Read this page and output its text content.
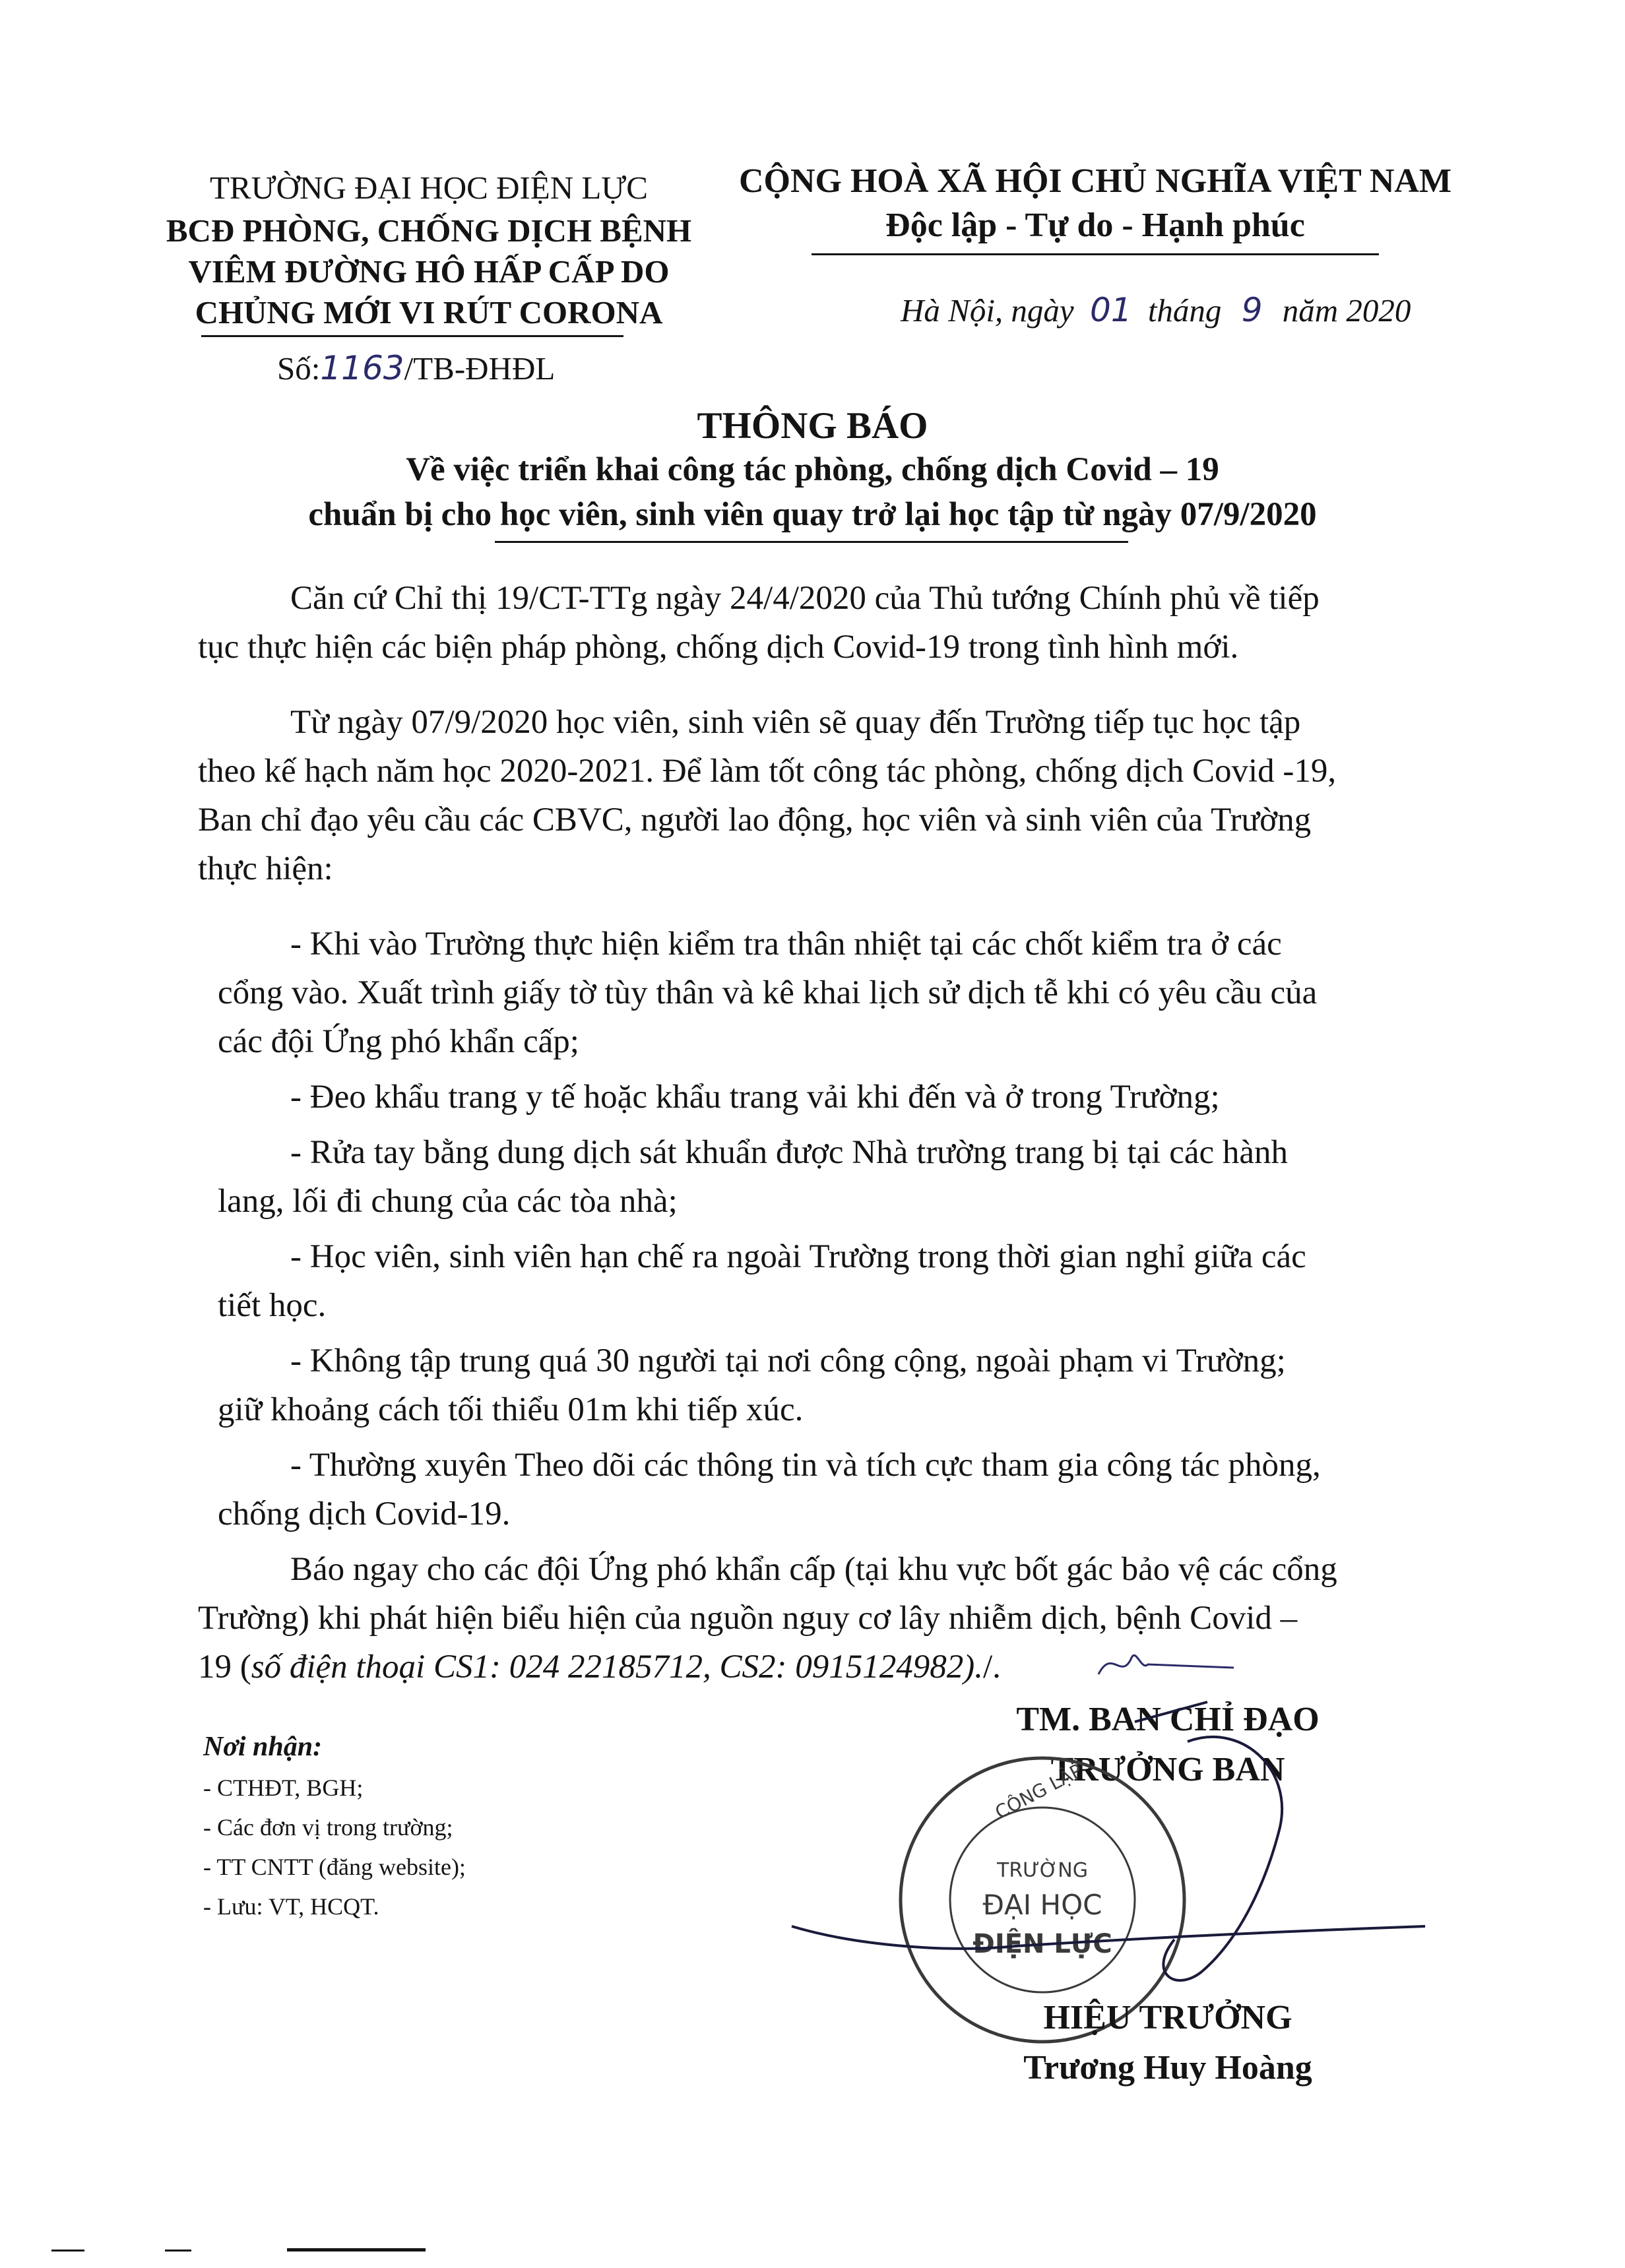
TRƯỜNG ĐẠI HỌC ĐIỆN LỰC
BCĐ PHÒNG, CHỐNG DỊCH BỆNH
VIÊM ĐƯỜNG HÔ HẤP CẤP DO
CHỦNG MỚI VI RÚT CORONA
Số:1163/TB-ĐHĐL
CỘNG HOÀ XÃ HỘI CHỦ NGHĨA VIỆT NAM
Độc lập - Tự do - Hạnh phúc
Hà Nội, ngày 01 tháng 9 năm 2020
THÔNG BÁO
Về việc triển khai công tác phòng, chống dịch Covid – 19
chuẩn bị cho học viên, sinh viên quay trở lại học tập từ ngày 07/9/2020
Căn cứ Chỉ thị 19/CT-TTg ngày 24/4/2020 của Thủ tướng Chính phủ về tiếp
tục thực hiện các biện pháp phòng, chống dịch Covid-19 trong tình hình mới.
Từ ngày 07/9/2020 học viên, sinh viên sẽ quay đến Trường tiếp tục học tập
theo kế hạch năm học 2020-2021. Để làm tốt công tác phòng, chống dịch Covid -19,
Ban chỉ đạo yêu cầu các CBVC, người lao động, học viên và sinh viên của Trường
thực hiện:
- Khi vào Trường thực hiện kiểm tra thân nhiệt tại các chốt kiểm tra ở các
cổng vào. Xuất trình giấy tờ tùy thân và kê khai lịch sử dịch tễ khi có yêu cầu của
các đội Ứng phó khẩn cấp;
- Đeo khẩu trang y tế hoặc khẩu trang vải khi đến và ở trong Trường;
- Rửa tay bằng dung dịch sát khuẩn được Nhà trường trang bị tại các hành
lang, lối đi chung của các tòa nhà;
- Học viên, sinh viên hạn chế ra ngoài Trường trong thời gian nghỉ giữa các
tiết học.
- Không tập trung quá 30 người tại nơi công cộng, ngoài phạm vi Trường;
giữ khoảng cách tối thiểu 01m khi tiếp xúc.
- Thường xuyên Theo dõi các thông tin và tích cực tham gia công tác phòng,
chống dịch Covid-19.
Báo ngay cho các đội Ứng phó khẩn cấp (tại khu vực bốt gác bảo vệ các cổng
Trường) khi phát hiện biểu hiện của nguồn nguy cơ lây nhiễm dịch, bệnh Covid –
19 (số điện thoại CS1: 024 22185712, CS2: 0915124982)./.
Nơi nhận:
- CTHĐT, BGH;
- Các đơn vị trong trường;
- TT CNTT (đăng website);
- Lưu: VT, HCQT.
TM. BAN CHỈ ĐẠO
TRƯỞNG BAN
CÔNG LẬP
TRƯỜNG
ĐẠI HỌC
ĐIỆN LỰC
HIỆU TRƯỞNG
Trương Huy Hoàng
